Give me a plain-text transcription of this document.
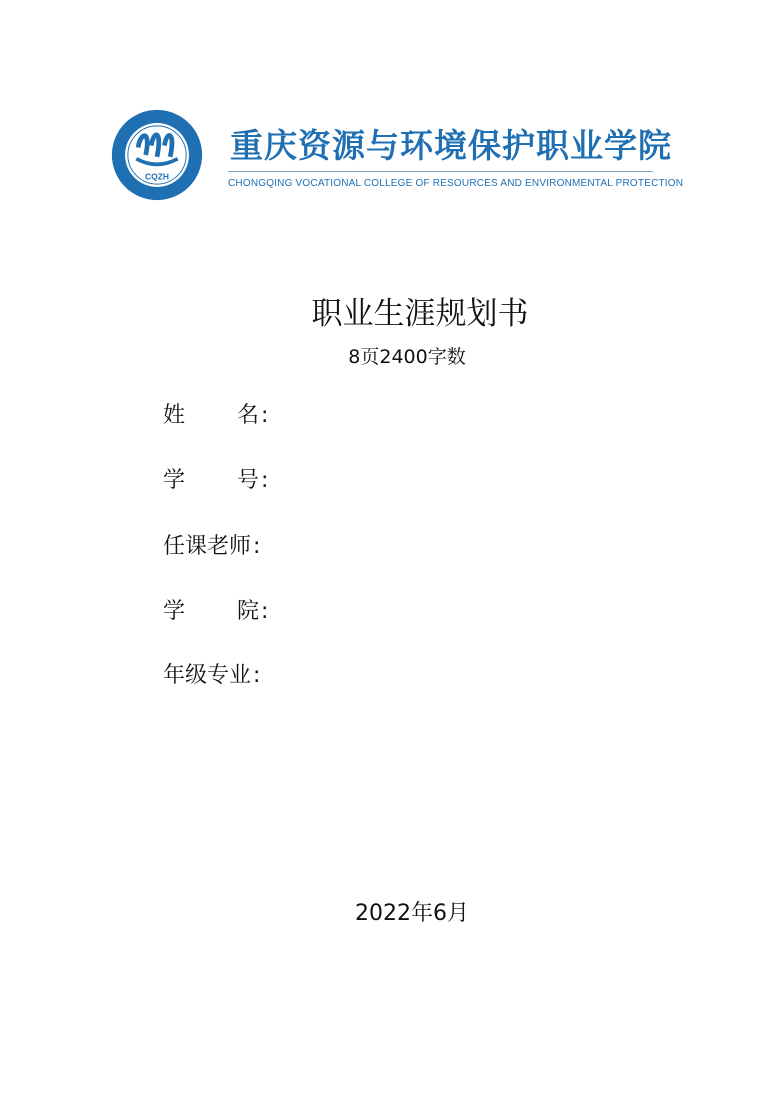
CQZH
重庆资源与环境保护职业学院
CHONGQING VOCATIONAL COLLEGE OF RESOURCES AND ENVIRONMENTAL PROTECTION
职业生涯规划书
8页2400字数
姓 名 :
学 号 :
任课老师:
学 院 :
年级专业:
2022年6月
